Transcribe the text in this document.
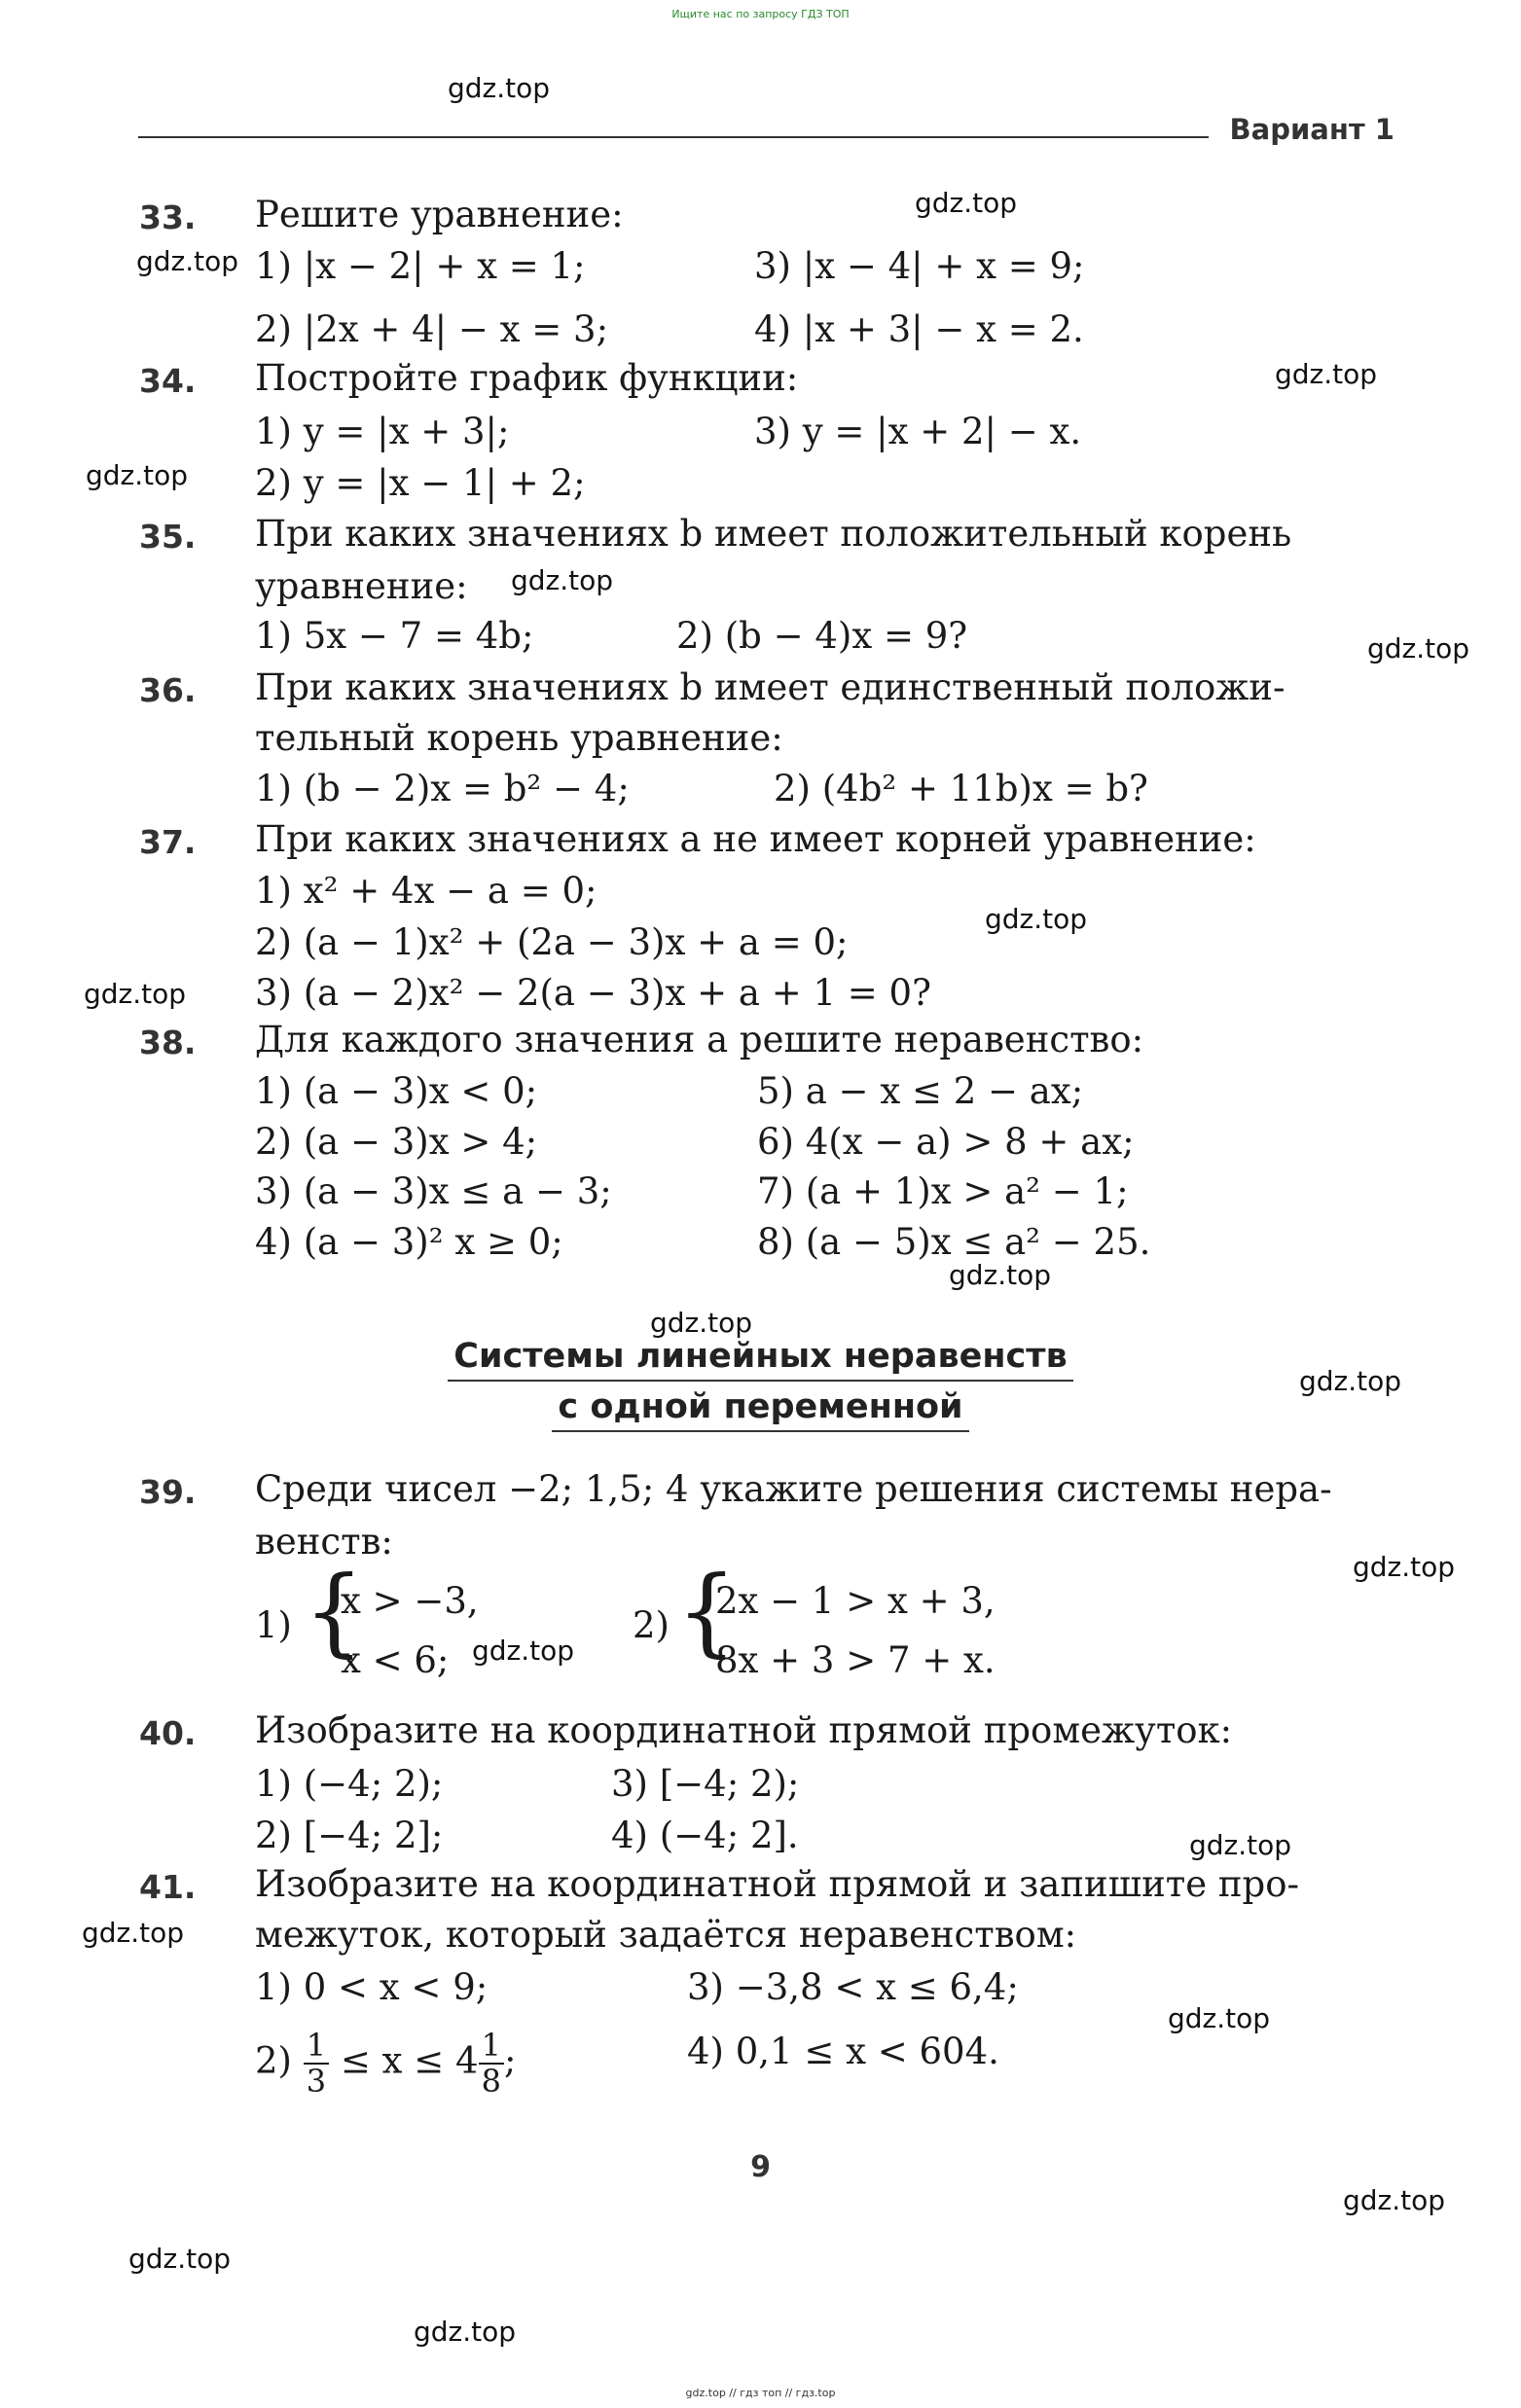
Ищите нас по запросу ГДЗ ТОП
gdz.top
gdz.top
gdz.top
gdz.top
gdz.top
gdz.top
gdz.top
gdz.top
gdz.top
gdz.top
gdz.top
gdz.top
gdz.top
gdz.top
gdz.top
gdz.top
gdz.top
gdz.top
gdz.top
gdz.top
Вариант 1
33. Решите уравнение:
1) |x − 2| + x = 1;	3) |x − 4| + x = 9;
2) |2x + 4| − x = 3;	4) |x + 3| − x = 2.
34. Постройте график функции:
1) y = |x + 3|;	3) y = |x + 2| − x.
2) y = |x − 1| + 2;
35. При каких значениях b имеет положительный корень
уравнение:
1) 5x − 7 = 4b;	2) (b − 4)x = 9?
36. При каких значениях b имеет единственный положи-
тельный корень уравнение:
1) (b − 2)x = b² − 4;	2) (4b² + 11b)x = b?
37. При каких значениях a не имеет корней уравнение:
1) x² + 4x − a = 0;
2) (a − 1)x² + (2a − 3)x + a = 0;
3) (a − 2)x² − 2(a − 3)x + a + 1 = 0?
38. Для каждого значения a решите неравенство:
1) (a − 3)x < 0;	5) a − x ≤ 2 − ax;
2) (a − 3)x > 4;	6) 4(x − a) > 8 + ax;
3) (a − 3)x ≤ a − 3;	7) (a + 1)x > a² − 1;
4) (a − 3)² x ≥ 0;	8) (a − 5)x ≤ a² − 25.
Системы линейных неравенств
с одной переменной
39. Среди чисел −2; 1,5; 4 укажите решения системы нера-
венств:
1) {
x > −3,
x < 6;
2) {
2x − 1 > x + 3,
8x + 3 > 7 + x.
40. Изобразите на координатной прямой промежуток:
1) (−4; 2);	3) [−4; 2);
2) [−4; 2];	4) (−4; 2].
41. Изобразите на координатной прямой и запишите про-
межуток, который задаётся неравенством:
1) 0 < x < 9;	3) −3,8 < x ≤ 6,4;
$2) \frac{1}{3} \le x \le 4 \frac{1}{8}$ ;	4) 0,1 ≤ x < 604.
9
gdz.top // гдз топ // гдз.top
